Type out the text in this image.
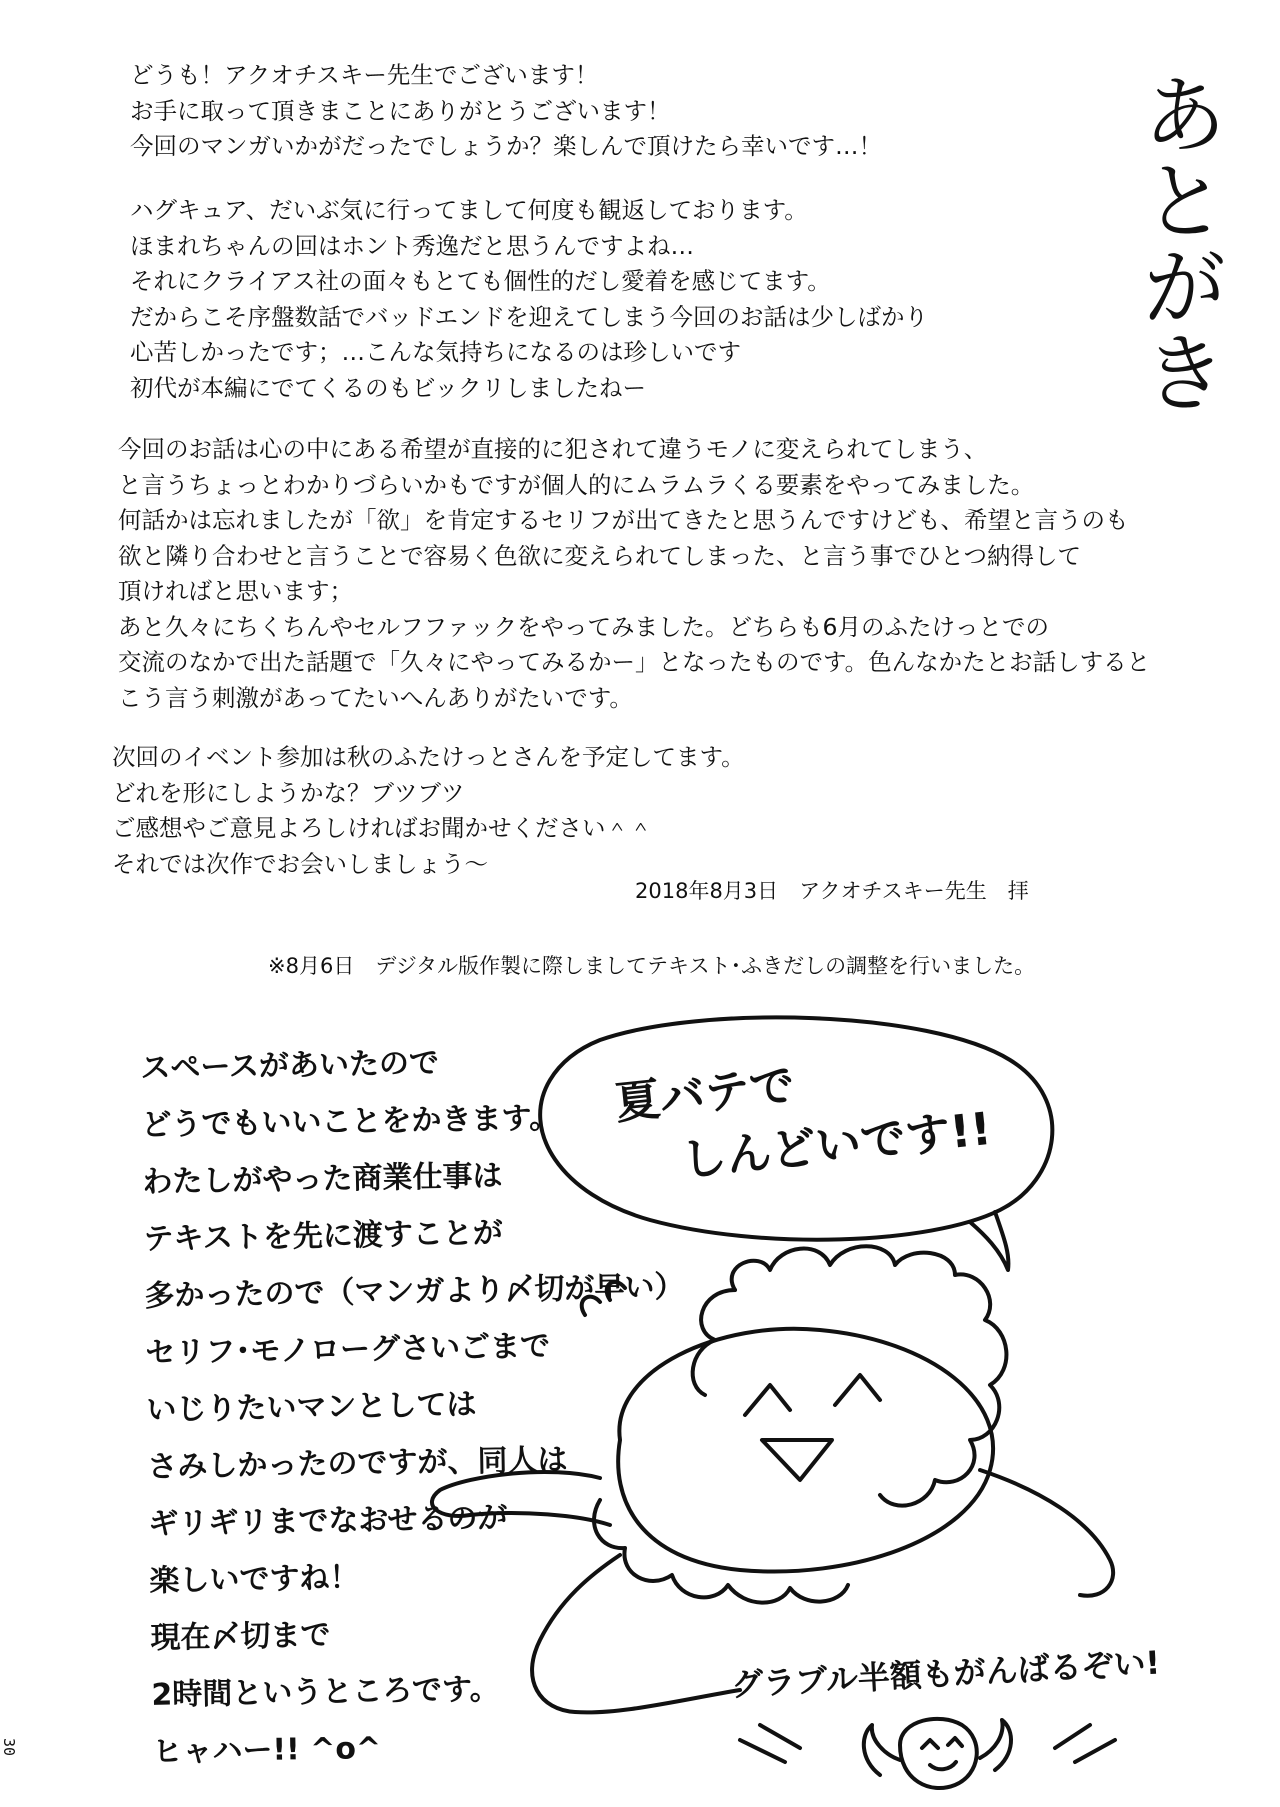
あとがき

どうも！アクオチスキー先生でございます！

お手に取って頂きまことにありがとうございます！

今回のマンガいかがだったでしょうか？楽しんで頂けたら幸いです…！

ハグキュア、だいぶ気に行ってまして何度も観返しております。

ほまれちゃんの回はホント秀逸だと思うんですよね…

それにクライアス社の面々もとても個性的だし愛着を感じてます。

だからこそ序盤数話でバッドエンドを迎えてしまう今回のお話は少しばかり

心苦しかったです；…こんな気持ちになるのは珍しいです

初代が本編にでてくるのもビックリしましたねー

今回のお話は心の中にある希望が直接的に犯されて違うモノに変えられてしまう、

と言うちょっとわかりづらいかもですが個人的にムラムラくる要素をやってみました。

何話かは忘れましたが「欲」を肯定するセリフが出てきたと思うんですけども、希望と言うのも

欲と隣り合わせと言うことで容易く色欲に変えられてしまった、と言う事でひとつ納得して

頂ければと思います；

あと久々にちくちんやセルフファックをやってみました。どちらも6月のふたけっとでの

交流のなかで出た話題で「久々にやってみるかー」となったものです。色んなかたとお話しすると

こう言う刺激があってたいへんありがたいです。

次回のイベント参加は秋のふたけっとさんを予定してます。

どれを形にしようかな？ブツブツ

ご感想やご意見よろしければお聞かせください＾＾

それでは次作でお会いしましょう～

2018年8月3日　アクオチスキー先生　拝
※8月6日　デジタル版作製に際しましてテキスト･ふきだしの調整を行いました。
スペースがあいたので
どうでもいいことをかきます。
わたしがやった商業仕事は
テキストを先に渡すことが
多かったので（マンガより〆切が早い）
セリフ･モノローグさいごまで
いじりたいマンとしては
さみしかったのですが、同人は
ギリギリまでなおせるのが
楽しいですね！
現在〆切まで
2時間というところです。
ヒャハー!! ^o^
夏バテで
しんどいです!!
グラブル半額もがんばるぞい!
30
